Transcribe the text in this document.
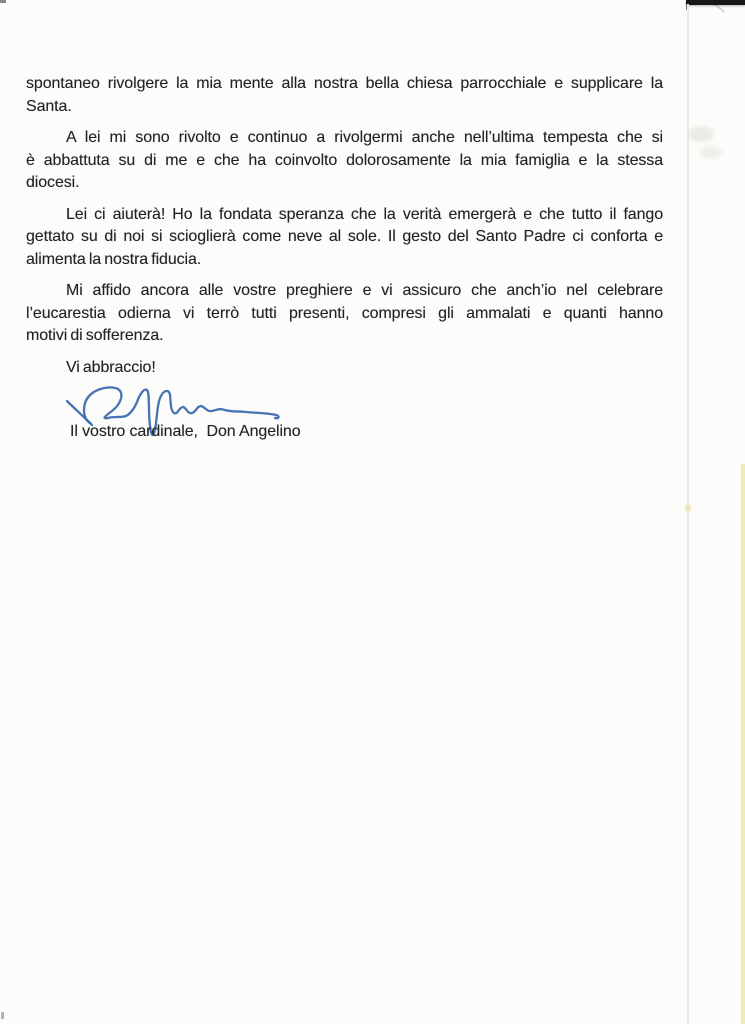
spontaneo rivolgere la mia mente alla nostra bella chiesa parrocchiale e supplicare la
Santa.
A lei mi sono rivolto e continuo a rivolgermi anche nell’ultima tempesta che si
è abbattuta su di me e che ha coinvolto dolorosamente la mia famiglia e la stessa
diocesi.
Lei ci aiuterà! Ho la fondata speranza che la verità emergerà e che tutto il fango
gettato su di noi si scioglierà come neve al sole. Il gesto del Santo Padre ci conforta e
alimenta la nostra fiducia.
Mi affido ancora alle vostre preghiere e vi assicuro che anch’io nel celebrare
l’eucarestia odierna vi terrò tutti presenti, compresi gli ammalati e quanti hanno
motivi di sofferenza.
Vi abbraccio!
Il vostro cardinale,  Don Angelino
